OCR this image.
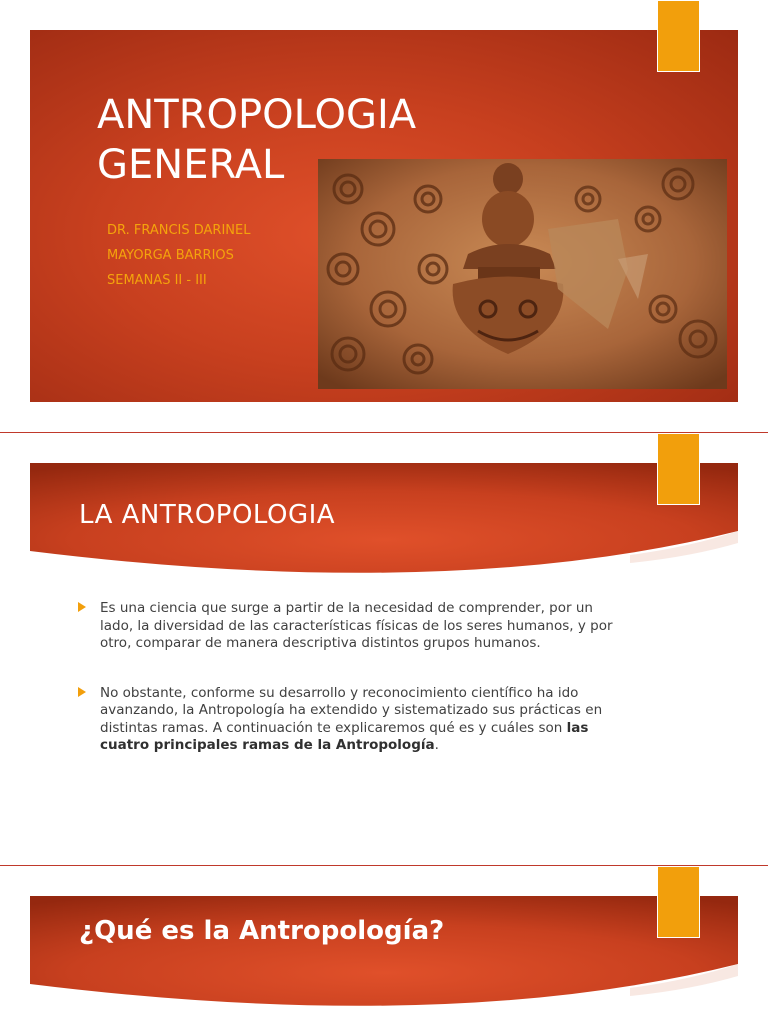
ANTROPOLOGIA
GENERAL
DR. FRANCIS DARINEL
MAYORGA BARRIOS
SEMANAS II - III
LA ANTROPOLOGIA
Es una ciencia que surge a partir de la necesidad de comprender, por un lado, la diversidad de las características físicas de los seres humanos, y por otro, comparar de manera descriptiva distintos grupos humanos.
No obstante, conforme su desarrollo y reconocimiento científico ha ido avanzando, la Antropología ha extendido y sistematizado sus prácticas en distintas ramas. A continuación te explicaremos qué es y cuáles son las cuatro principales ramas de la Antropología.
¿Qué es la Antropología?
